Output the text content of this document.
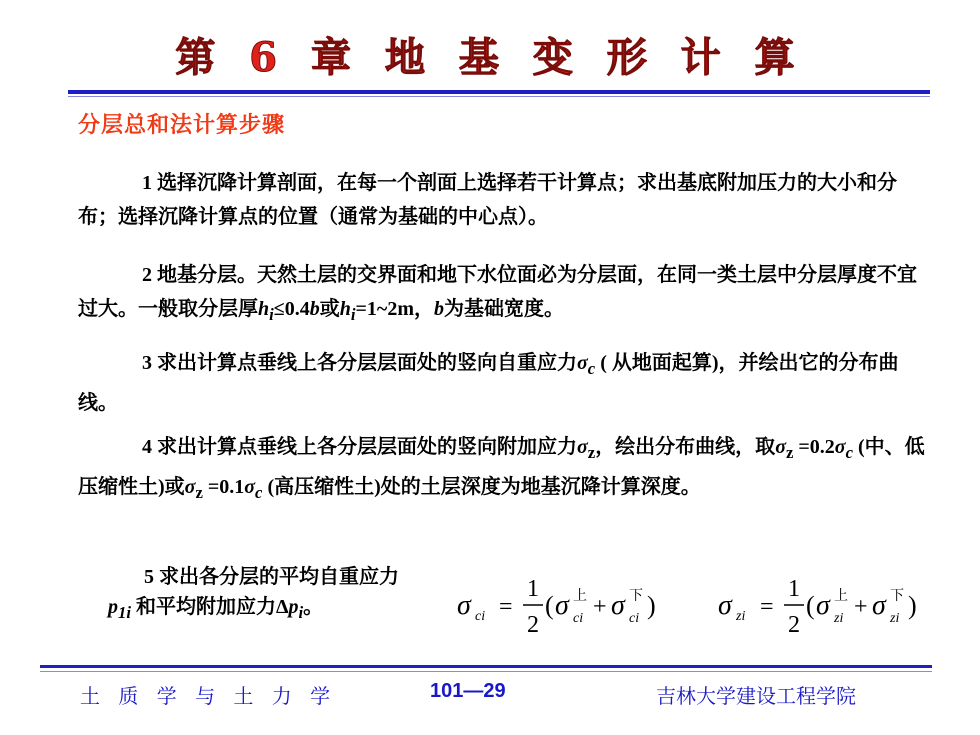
第 6 章 地 基 变 形 计 算
分层总和法计算步骤
1 选择沉降计算剖面，在每一个剖面上选择若干计算点；求出基底附加压力的大小和分布；选择沉降计算点的位置（通常为基础的中心点）。
2 地基分层。天然土层的交界面和地下水位面必为分层面，在同一类土层中分层厚度不宜过大。一般取分层厚$h_i\le 0.4b$或$h_i=1\sim 2m$，b为基础宽度。
3 求出计算点垂线上各分层层面处的竖向自重应力$\sigma_c$ ( 从地面起算)，并绘出它的分布曲线。
4 求出计算点垂线上各分层层面处的竖向附加应力$\sigma_z$，绘出分布曲线，取$\sigma_z =0.2\sigma_c$ (中、低压缩性土)或$\sigma_z =0.1\sigma_c$ (高压缩性土)处的土层深度为地基沉降计算深度。
5 求出各分层的平均自重应力
$p_{1i}$ 和平均附加应力$\Delta p_i$。	σ ci =
1
2
( σ 上
ci + σ 下
ci ) σ zi =
1
2
( σ 上
zi + σ 下
zi )
土 质 学 与 土 力 学	101—29	吉林大学建设工程学院
